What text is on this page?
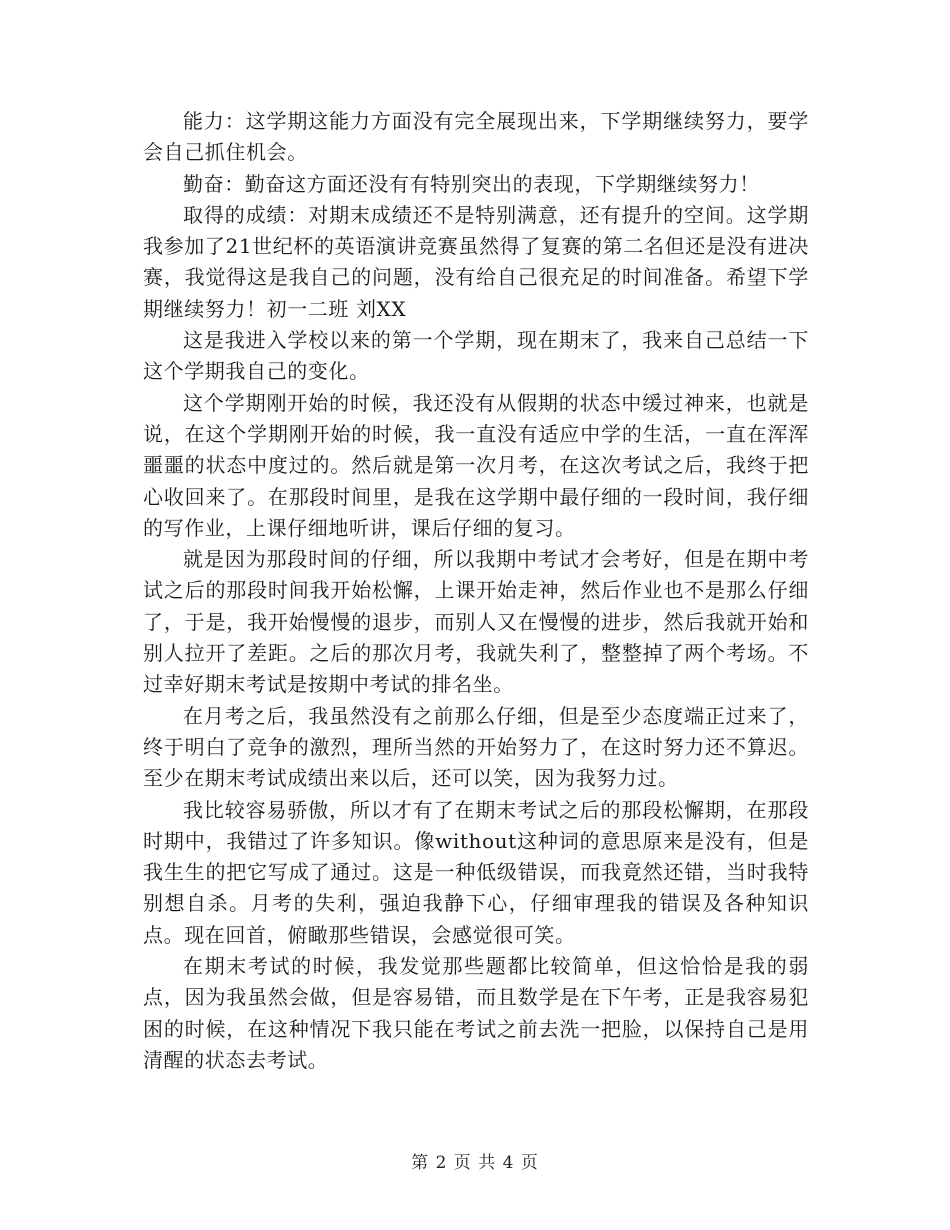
能力：这学期这能力方面没有完全展现出来，下学期继续努力，要学会自己抓住机会。

勤奋：勤奋这方面还没有有特别突出的表现，下学期继续努力！

取得的成绩：对期末成绩还不是特别满意，还有提升的空间。这学期我参加了21世纪杯的英语演讲竞赛虽然得了复赛的第二名但还是没有进决赛，我觉得这是我自己的问题，没有给自己很充足的时间准备。希望下学期继续努力！初一二班 刘XX

这是我进入学校以来的第一个学期，现在期末了，我来自己总结一下这个学期我自己的变化。

这个学期刚开始的时候，我还没有从假期的状态中缓过神来，也就是说，在这个学期刚开始的时候，我一直没有适应中学的生活，一直在浑浑噩噩的状态中度过的。然后就是第一次月考，在这次考试之后，我终于把心收回来了。在那段时间里，是我在这学期中最仔细的一段时间，我仔细的写作业，上课仔细地听讲，课后仔细的复习。

就是因为那段时间的仔细，所以我期中考试才会考好，但是在期中考试之后的那段时间我开始松懈，上课开始走神，然后作业也不是那么仔细了，于是，我开始慢慢的退步，而别人又在慢慢的进步，然后我就开始和别人拉开了差距。之后的那次月考，我就失利了，整整掉了两个考场。不过幸好期末考试是按期中考试的排名坐。

在月考之后，我虽然没有之前那么仔细，但是至少态度端正过来了，终于明白了竞争的激烈，理所当然的开始努力了，在这时努力还不算迟。至少在期末考试成绩出来以后，还可以笑，因为我努力过。

我比较容易骄傲，所以才有了在期末考试之后的那段松懈期，在那段时期中，我错过了许多知识。像without这种词的意思原来是没有，但是我生生的把它写成了通过。这是一种低级错误，而我竟然还错，当时我特别想自杀。月考的失利，强迫我静下心，仔细审理我的错误及各种知识点。现在回首，俯瞰那些错误，会感觉很可笑。

在期末考试的时候，我发觉那些题都比较简单，但这恰恰是我的弱点，因为我虽然会做，但是容易错，而且数学是在下午考，正是我容易犯困的时候，在这种情况下我只能在考试之前去洗一把脸，以保持自己是用清醒的状态去考试。

第 2 页 共 4 页
